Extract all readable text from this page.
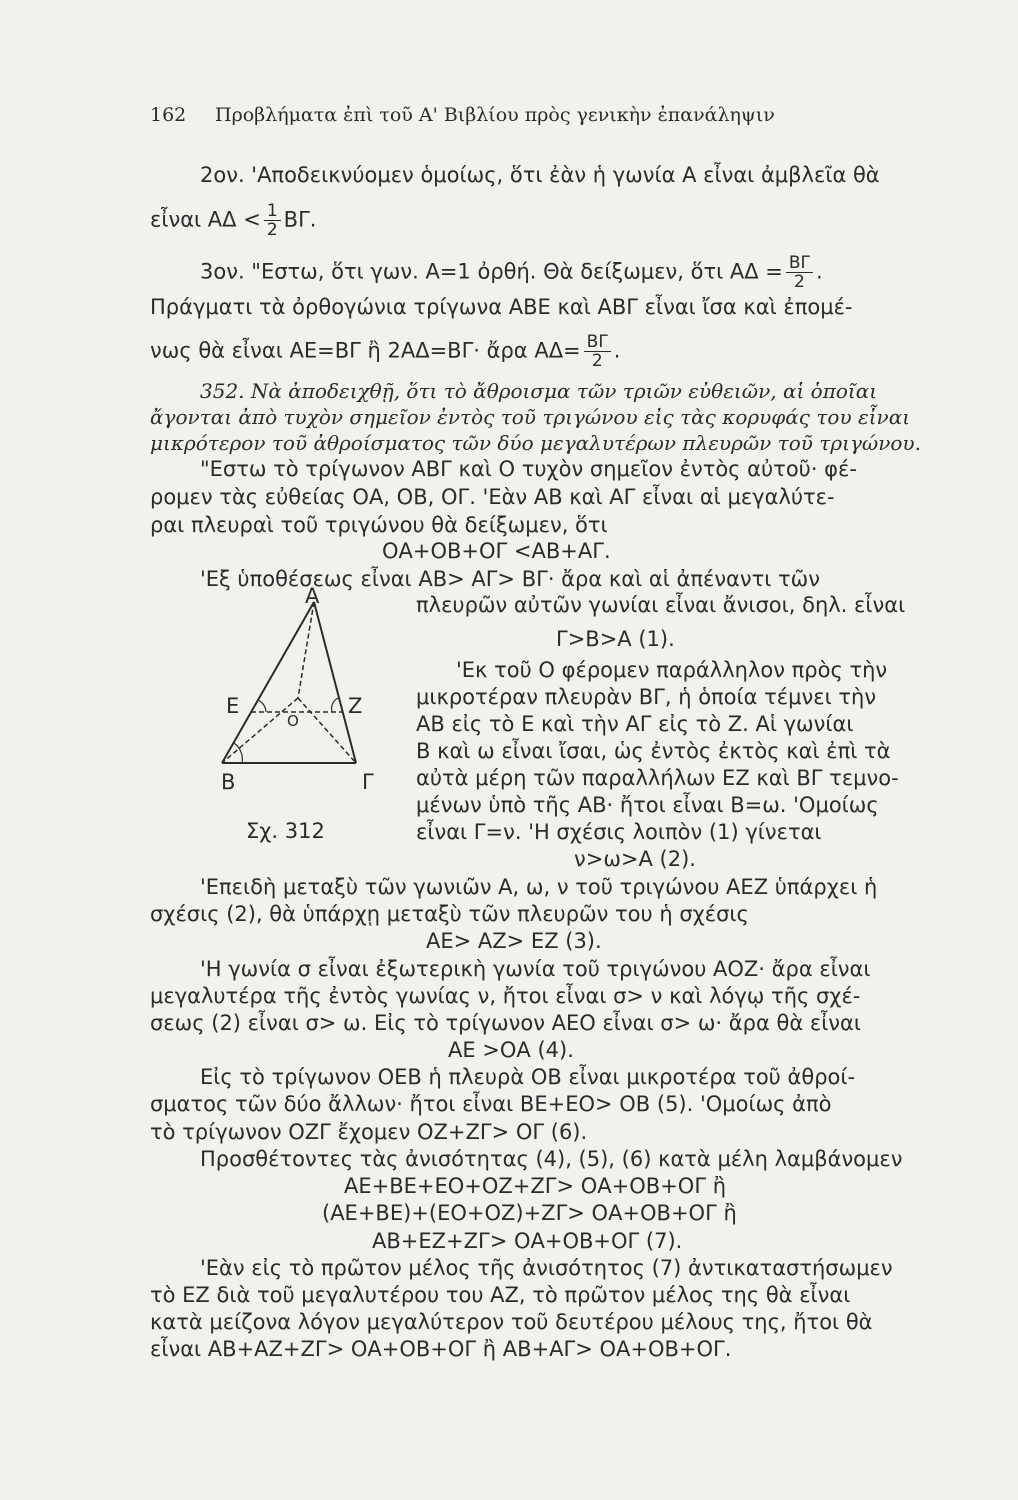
162 Προβλήματα ἐπὶ τοῦ Α' Βιβλίου πρὸς γενικὴν ἐπανάληψιν
2ον. 'Αποδεικνύομεν ὁμοίως, ὅτι ἐὰν ἡ γωνία Α εἶναι ἀμβλεῖα θὰ
εἶναι $A\Delta < \frac{1}{2} B\Gamma$.
3ον. "Εστω, ὅτι γων. Α=1 ὀρθή. Θὰ δείξωμεν, ὅτι $A\Delta = \frac{B\Gamma}{2}$ .
Πράγματι τὰ ὀρθογώνια τρίγωνα ΑΒΕ καὶ ΑΒΓ εἶναι ἴσα καὶ ἐπομέ-
νως θὰ εἶναι ΑΕ=ΒΓ ἢ 2ΑΔ=ΒΓ· ἄρα $A\Delta= \frac{B\Gamma}{2}$ .
352. Νὰ ἀποδειχθῇ, ὅτι τὸ ἄθροισμα τῶν τριῶν εὐθειῶν, αἱ ὁποῖαι
ἄγονται ἀπὸ τυχὸν σημεῖον ἐντὸς τοῦ τριγώνου εἰς τὰς κορυφάς του εἶναι
μικρότερον τοῦ ἀθροίσματος τῶν δύο μεγαλυτέρων πλευρῶν τοῦ τριγώνου.
"Εστω τὸ τρίγωνον ΑΒΓ καὶ Ο τυχὸν σημεῖον ἐντὸς αὐτοῦ· φέ-
ρομεν τὰς εὐθείας ΟΑ, ΟΒ, ΟΓ. 'Εὰν ΑΒ καὶ ΑΓ εἶναι αἱ μεγαλύτε-
ραι πλευραὶ τοῦ τριγώνου θὰ δείξωμεν, ὅτι
ΟΑ+ΟΒ+ΟΓ <ΑΒ+ΑΓ.
'Εξ ὑποθέσεως εἶναι ΑΒ> ΑΓ> ΒΓ· ἄρα καὶ αἱ ἀπέναντι τῶν
πλευρῶν αὐτῶν γωνίαι εἶναι ἄνισοι, δηλ. εἶναι
Γ>Β>Α (1).
'Εκ τοῦ Ο φέρομεν παράλληλον πρὸς τὴν
μικροτέραν πλευρὰν ΒΓ, ἡ ὁποία τέμνει τὴν
ΑΒ εἰς τὸ Ε καὶ τὴν ΑΓ εἰς τὸ Ζ. Αἱ γωνίαι
Β καὶ ω εἶναι ἴσαι, ὡς ἐντὸς ἐκτὸς καὶ ἐπὶ τὰ
αὐτὰ μέρη τῶν παραλλήλων ΕΖ καὶ ΒΓ τεμνο-
μένων ὑπὸ τῆς ΑΒ· ἤτοι εἶναι Β=ω. 'Ομοίως
εἶναι Γ=ν. 'Η σχέσις λοιπὸν (1) γίνεται
ν>ω>Α (2).
'Επειδὴ μεταξὺ τῶν γωνιῶν Α, ω, ν τοῦ τριγώνου ΑΕΖ ὑπάρχει ἡ
σχέσις (2), θὰ ὑπάρχῃ μεταξὺ τῶν πλευρῶν του ἡ σχέσις
ΑΕ> ΑΖ> ΕΖ (3).
'Η γωνία σ εἶναι ἐξωτερικὴ γωνία τοῦ τριγώνου ΑΟΖ· ἄρα εἶναι
μεγαλυτέρα τῆς ἐντὸς γωνίας ν, ἤτοι εἶναι σ> ν καὶ λόγῳ τῆς σχέ-
σεως (2) εἶναι σ> ω. Εἰς τὸ τρίγωνον ΑΕΟ εἶναι σ> ω· ἄρα θὰ εἶναι
ΑΕ >ΟΑ (4).
Εἰς τὸ τρίγωνον ΟΕΒ ἡ πλευρὰ ΟΒ εἶναι μικροτέρα τοῦ ἀθροί-
σματος τῶν δύο ἄλλων· ἤτοι εἶναι ΒΕ+ΕΟ> ΟΒ (5). 'Ομοίως ἀπὸ
τὸ τρίγωνον ΟΖΓ ἔχομεν ΟΖ+ΖΓ> ΟΓ (6).
Προσθέτοντες τὰς ἀνισότητας (4), (5), (6) κατὰ μέλη λαμβάνομεν
ΑΕ+ΒΕ+ΕΟ+ΟΖ+ΖΓ> ΟΑ+ΟΒ+ΟΓ ἢ
(ΑΕ+ΒΕ)+(ΕΟ+ΟΖ)+ΖΓ> ΟΑ+ΟΒ+ΟΓ ἢ
ΑΒ+ΕΖ+ΖΓ> ΟΑ+ΟΒ+ΟΓ (7).
'Εὰν εἰς τὸ πρῶτον μέλος τῆς ἀνισότητος (7) ἀντικαταστήσωμεν
τὸ ΕΖ διὰ τοῦ μεγαλυτέρου του ΑΖ, τὸ πρῶτον μέλος της θὰ εἶναι
κατὰ μείζονα λόγον μεγαλύτερον τοῦ δευτέρου μέλους της, ἤτοι θὰ
εἶναι ΑΒ+ΑΖ+ΖΓ> ΟΑ+ΟΒ+ΟΓ ἢ ΑΒ+ΑΓ> ΟΑ+ΟΒ+ΟΓ.
Α
Ε	Ζ
Ο
Β	Γ
Σχ. 312
